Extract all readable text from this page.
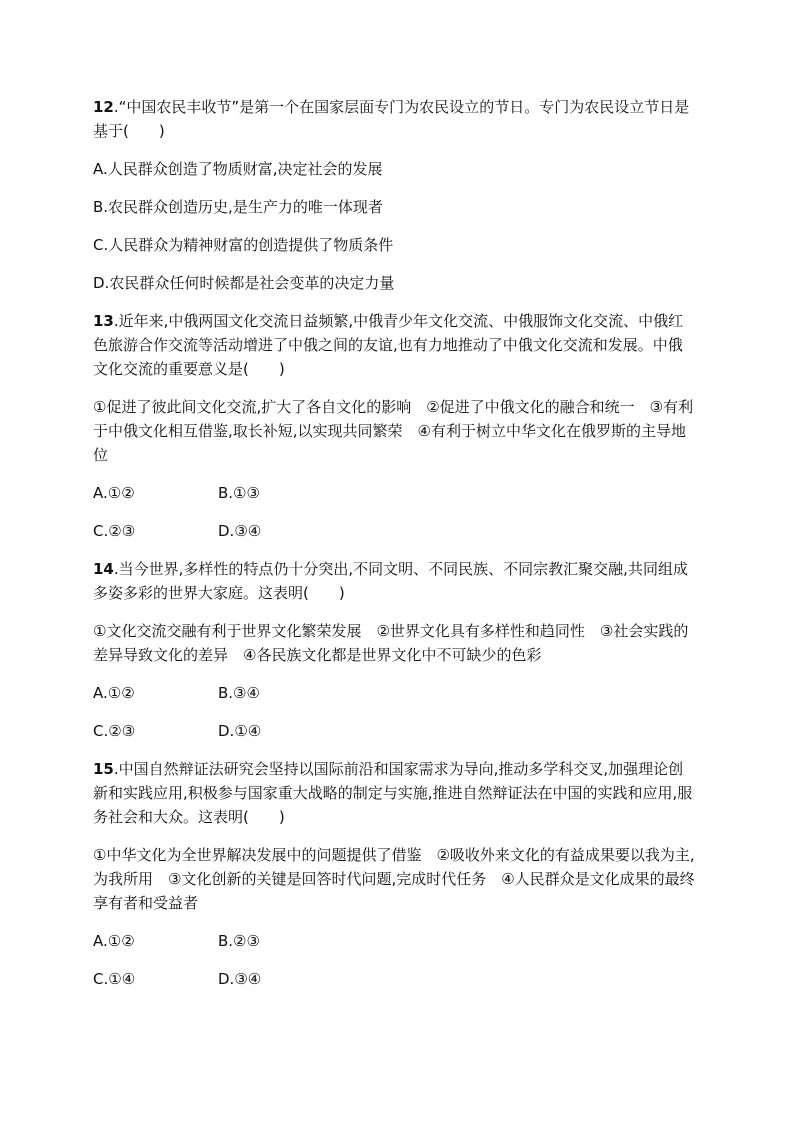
12.“中国农民丰收节”是第一个在国家层面专门为农民设立的节日。专门为农民设立节日是基于(　　)

A.人民群众创造了物质财富,决定社会的发展

B.农民群众创造历史,是生产力的唯一体现者

C.人民群众为精神财富的创造提供了物质条件

D.农民群众任何时候都是社会变革的决定力量

13.近年来,中俄两国文化交流日益频繁,中俄青少年文化交流、中俄服饰文化交流、中俄红色旅游合作交流等活动增进了中俄之间的友谊,也有力地推动了中俄文化交流和发展。中俄文化交流的重要意义是(　　)

①促进了彼此间文化交流,扩大了各自文化的影响　②促进了中俄文化的融合和统一　③有利于中俄文化相互借鉴,取长补短,以实现共同繁荣　④有利于树立中华文化在俄罗斯的主导地位

A.①②	B.①③
C.②③	D.③④

14.当今世界,多样性的特点仍十分突出,不同文明、不同民族、不同宗教汇聚交融,共同组成多姿多彩的世界大家庭。这表明(　　)

①文化交流交融有利于世界文化繁荣发展　②世界文化具有多样性和趋同性　③社会实践的差异导致文化的差异　④各民族文化都是世界文化中不可缺少的色彩

A.①②	B.③④
C.②③	D.①④

15.中国自然辩证法研究会坚持以国际前沿和国家需求为导向,推动多学科交叉,加强理论创新和实践应用,积极参与国家重大战略的制定与实施,推进自然辩证法在中国的实践和应用,服务社会和大众。这表明(　　)

①中华文化为全世界解决发展中的问题提供了借鉴　②吸收外来文化的有益成果要以我为主,为我所用　③文化创新的关键是回答时代问题,完成时代任务　④人民群众是文化成果的最终享有者和受益者

A.①②	B.②③
C.①④	D.③④
